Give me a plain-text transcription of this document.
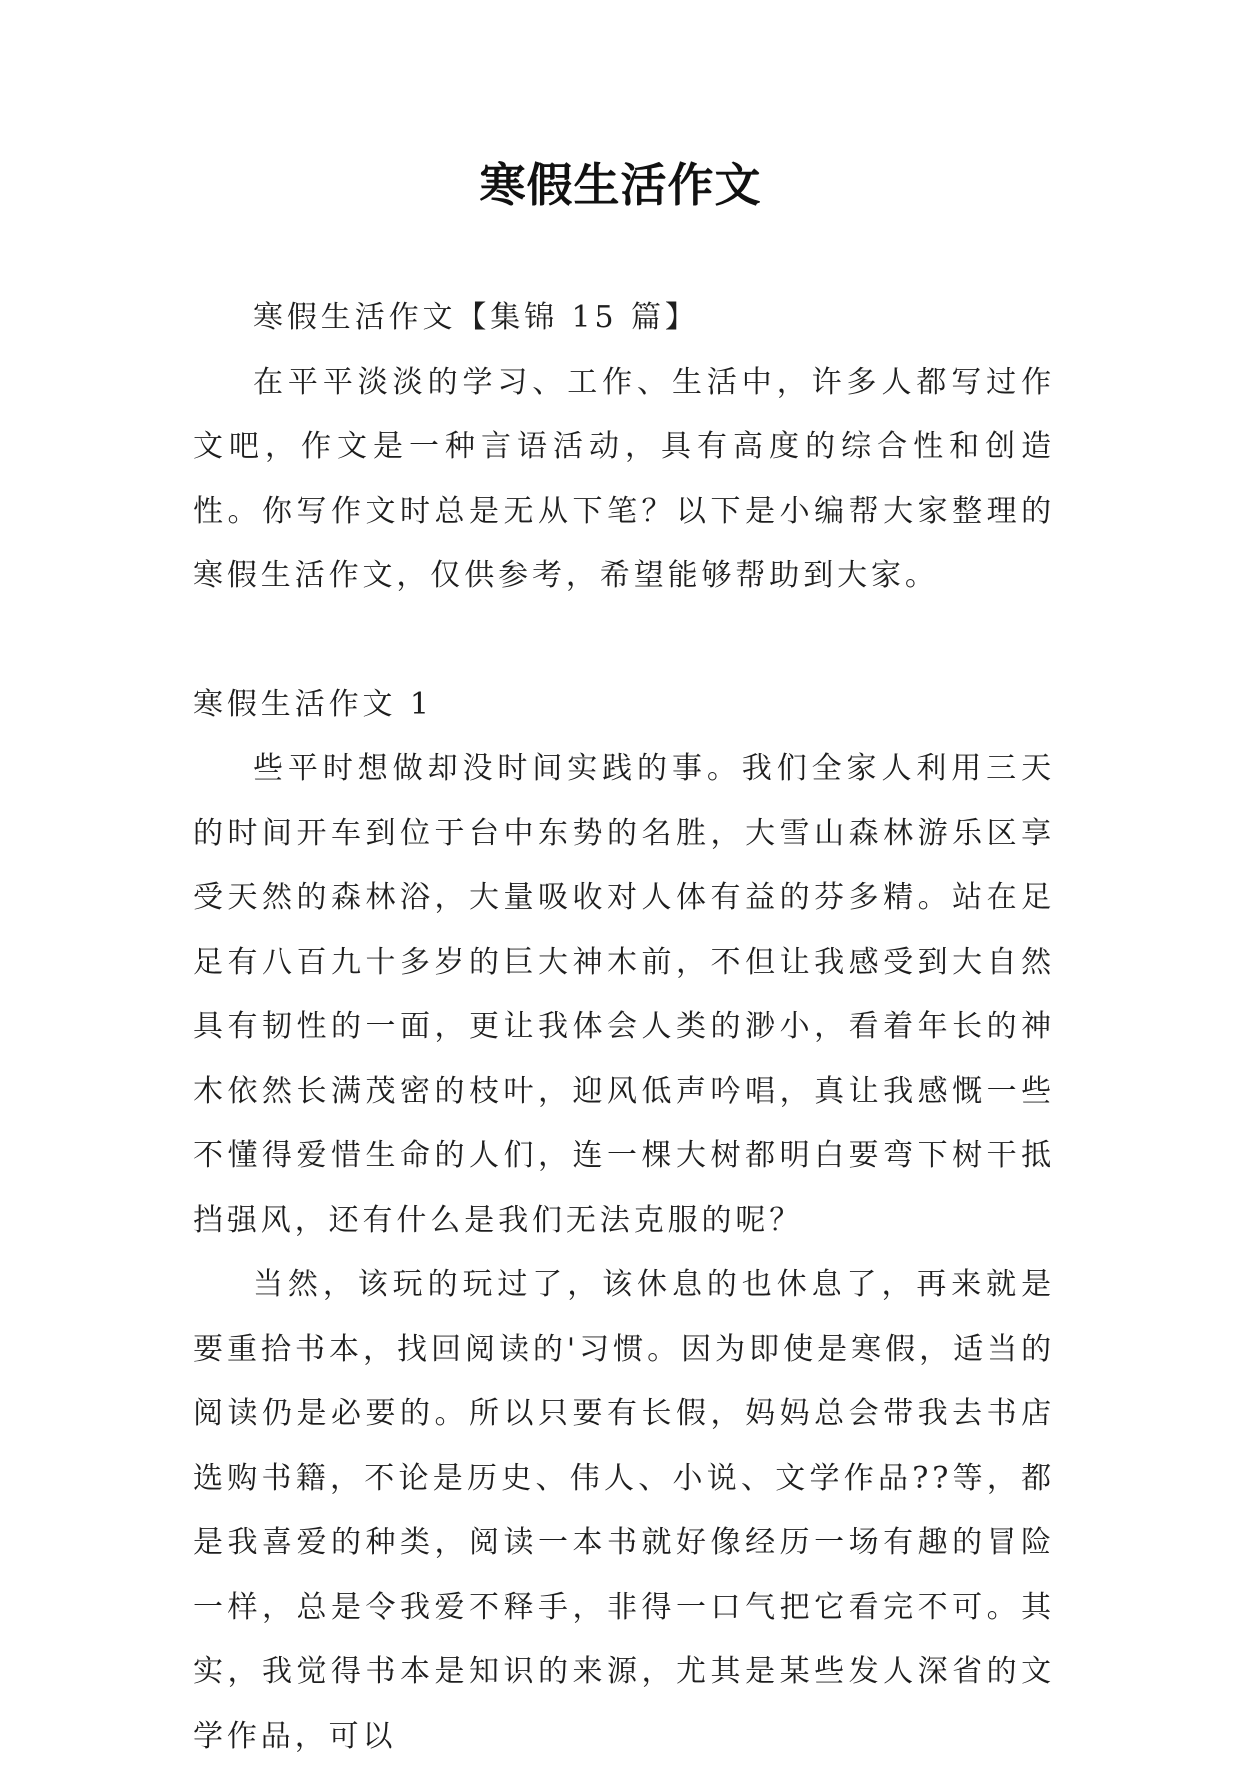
寒假生活作文

寒假生活作文【集锦 15 篇】

在平平淡淡的学习、工作、生活中，许多人都写过作文吧，作文是一种言语活动，具有高度的综合性和创造性。你写作文时总是无从下笔？以下是小编帮大家整理的寒假生活作文，仅供参考，希望能够帮助到大家。

寒假生活作文 1

些平时想做却没时间实践的事。我们全家人利用三天的时间开车到位于台中东势的名胜，大雪山森林游乐区享受天然的森林浴，大量吸收对人体有益的芬多精。站在足足有八百九十多岁的巨大神木前，不但让我感受到大自然具有韧性的一面，更让我体会人类的渺小，看着年长的神木依然长满茂密的枝叶，迎风低声吟唱，真让我感慨一些不懂得爱惜生命的人们，连一棵大树都明白要弯下树干抵挡强风，还有什么是我们无法克服的呢？

当然，该玩的玩过了，该休息的也休息了，再来就是要重拾书本，找回阅读的'习惯。因为即使是寒假，适当的阅读仍是必要的。所以只要有长假，妈妈总会带我去书店选购书籍，不论是历史、伟人、小说、文学作品??等，都是我喜爱的种类，阅读一本书就好像经历一场有趣的冒险一样，总是令我爱不释手，非得一口气把它看完不可。其实，我觉得书本是知识的来源，尤其是某些发人深省的文学作品，可以
